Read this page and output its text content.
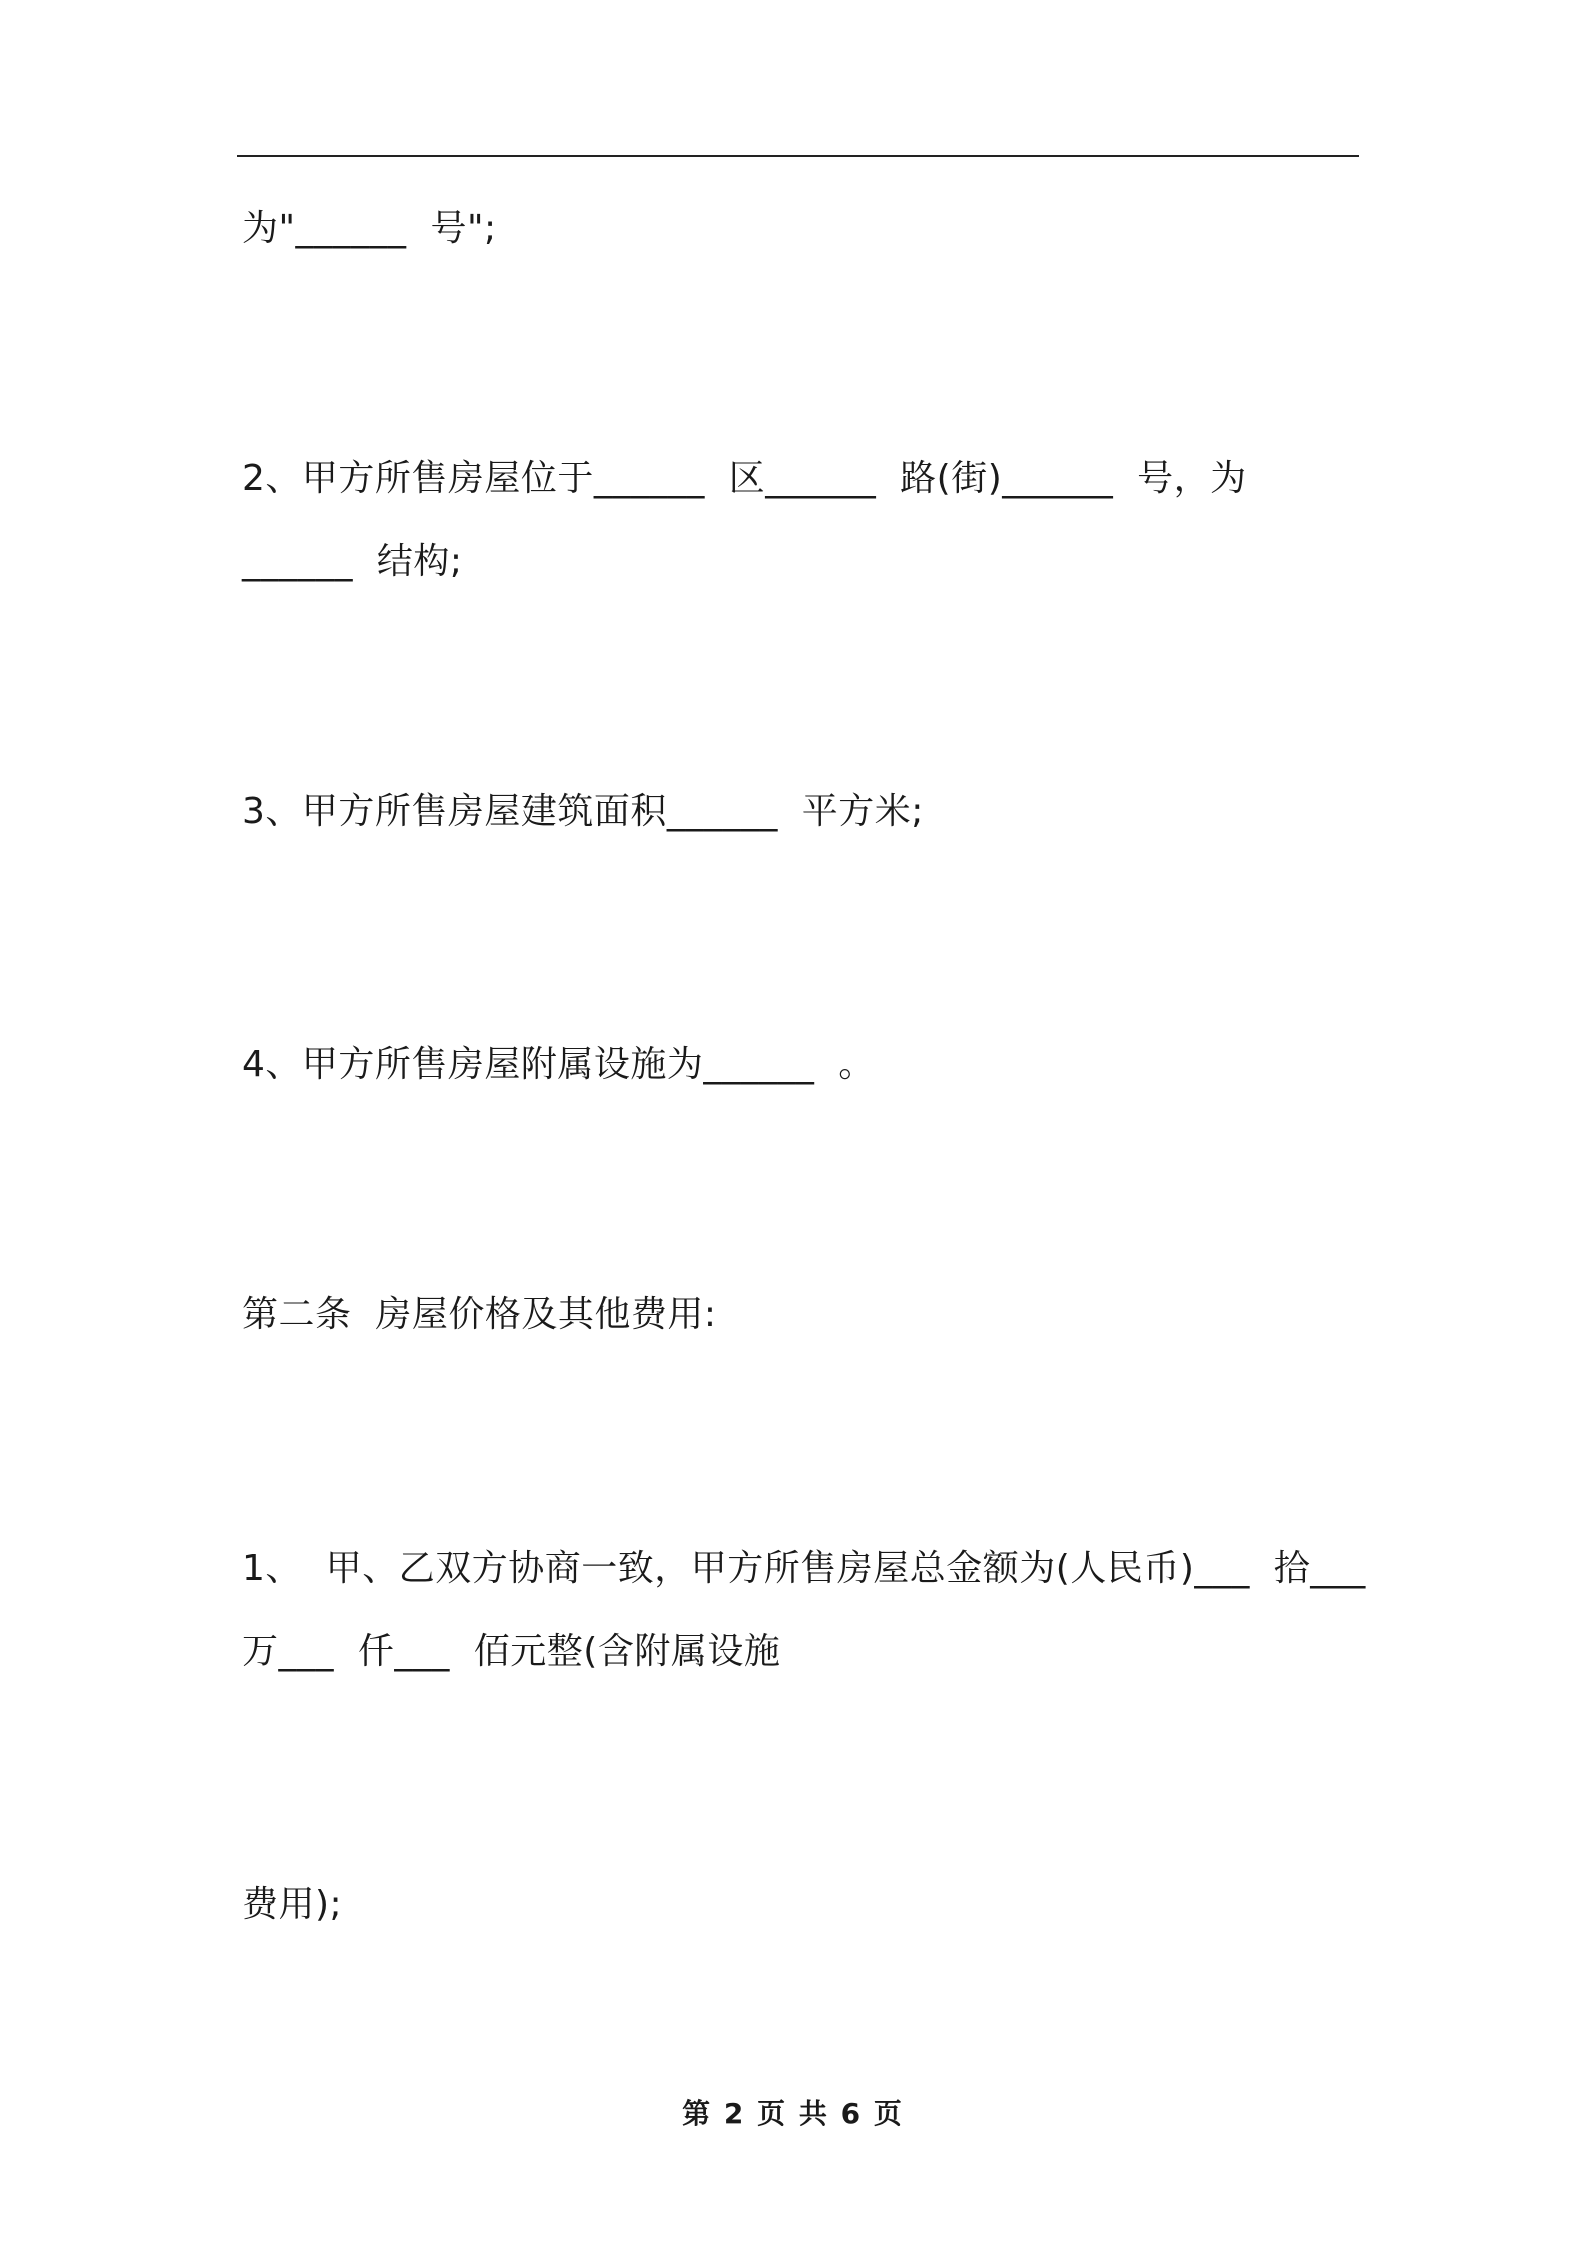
为"______  号";
2、甲方所售房屋位于______  区______  路(街)______  号，为
______  结构;
3、甲方所售房屋建筑面积______  平方米;
4、甲方所售房屋附属设施为______  。
第二条  房屋价格及其他费用:
1、  甲、乙双方协商一致，甲方所售房屋总金额为(人民币)___  拾___
万___  仟___  佰元整(含附属设施
费用);
第 2 页 共 6 页
